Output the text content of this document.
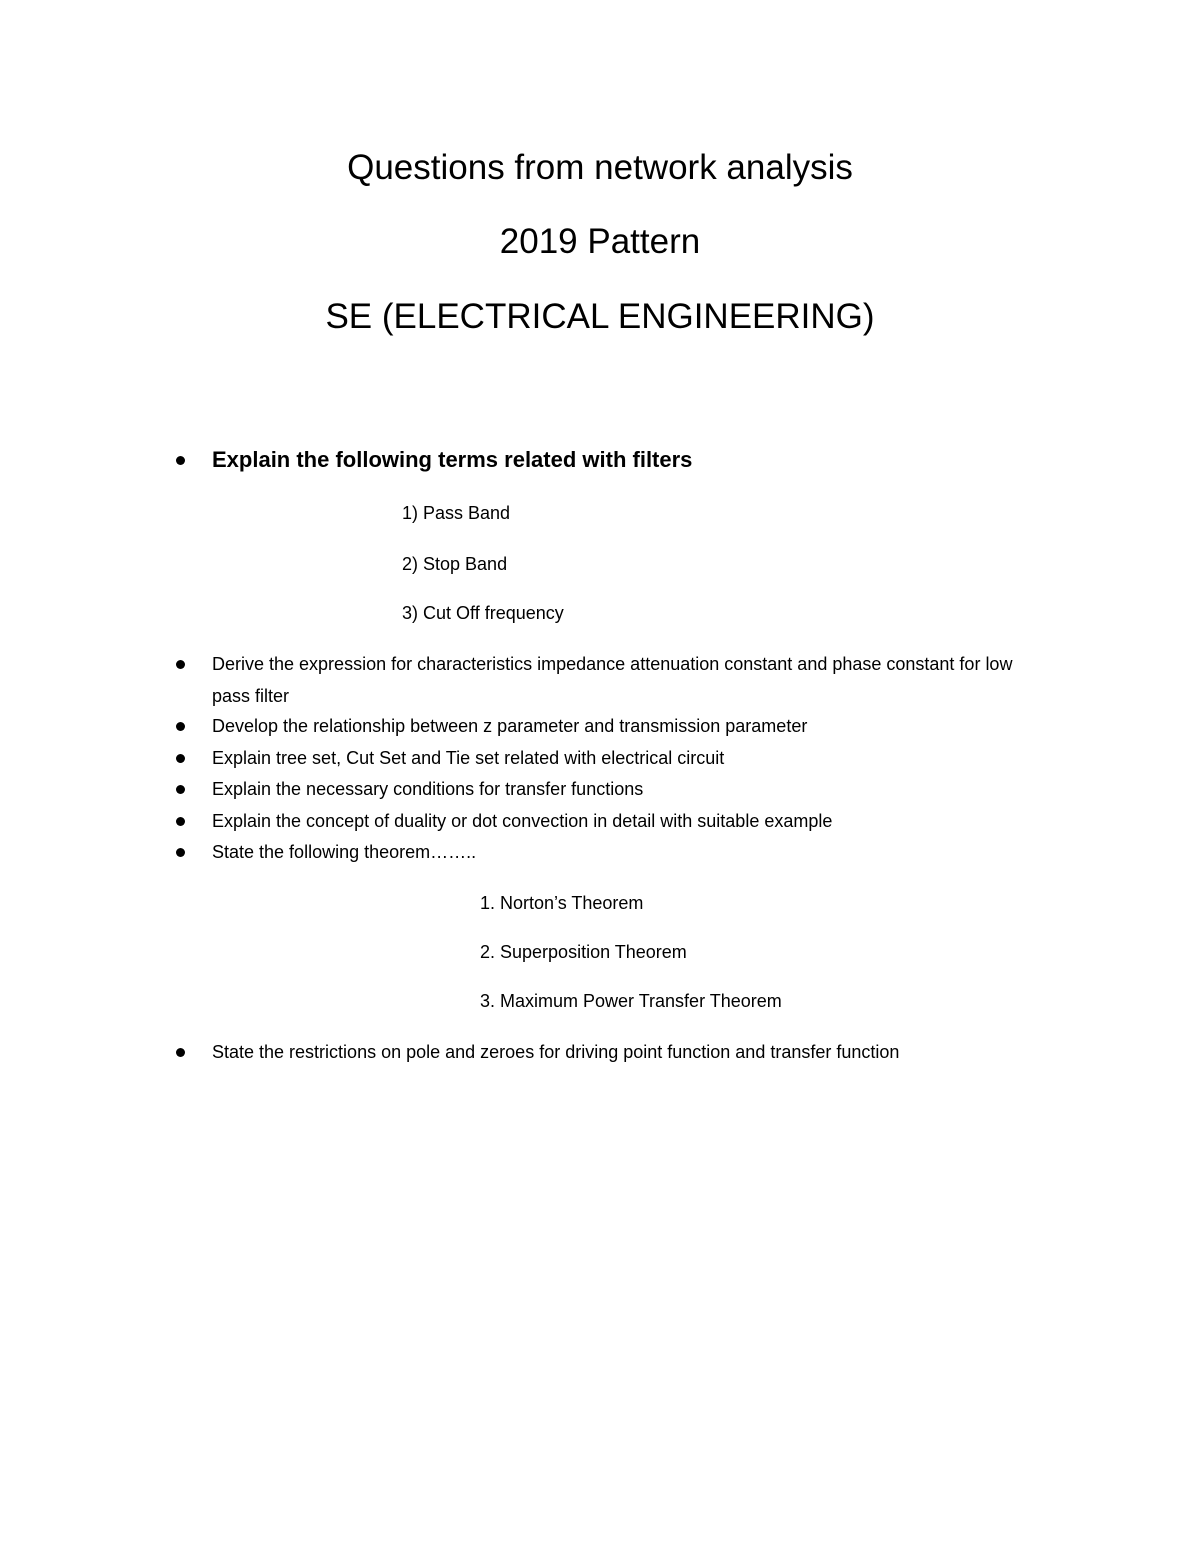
Questions from network analysis
2019 Pattern
SE (ELECTRICAL ENGINEERING)
Explain the following terms related with filters
1) Pass Band
2) Stop Band
3) Cut Off frequency
Derive the expression for characteristics impedance attenuation constant and phase constant for low pass filter
Develop the relationship between z parameter and transmission parameter
Explain tree set, Cut Set and Tie set related with electrical circuit
Explain the necessary conditions for transfer functions
Explain the concept of duality or dot convection in detail with suitable example
State the following theorem……..
1. Norton’s Theorem
2. Superposition Theorem
3. Maximum Power Transfer Theorem
State the restrictions on pole and zeroes for driving point function and transfer function
